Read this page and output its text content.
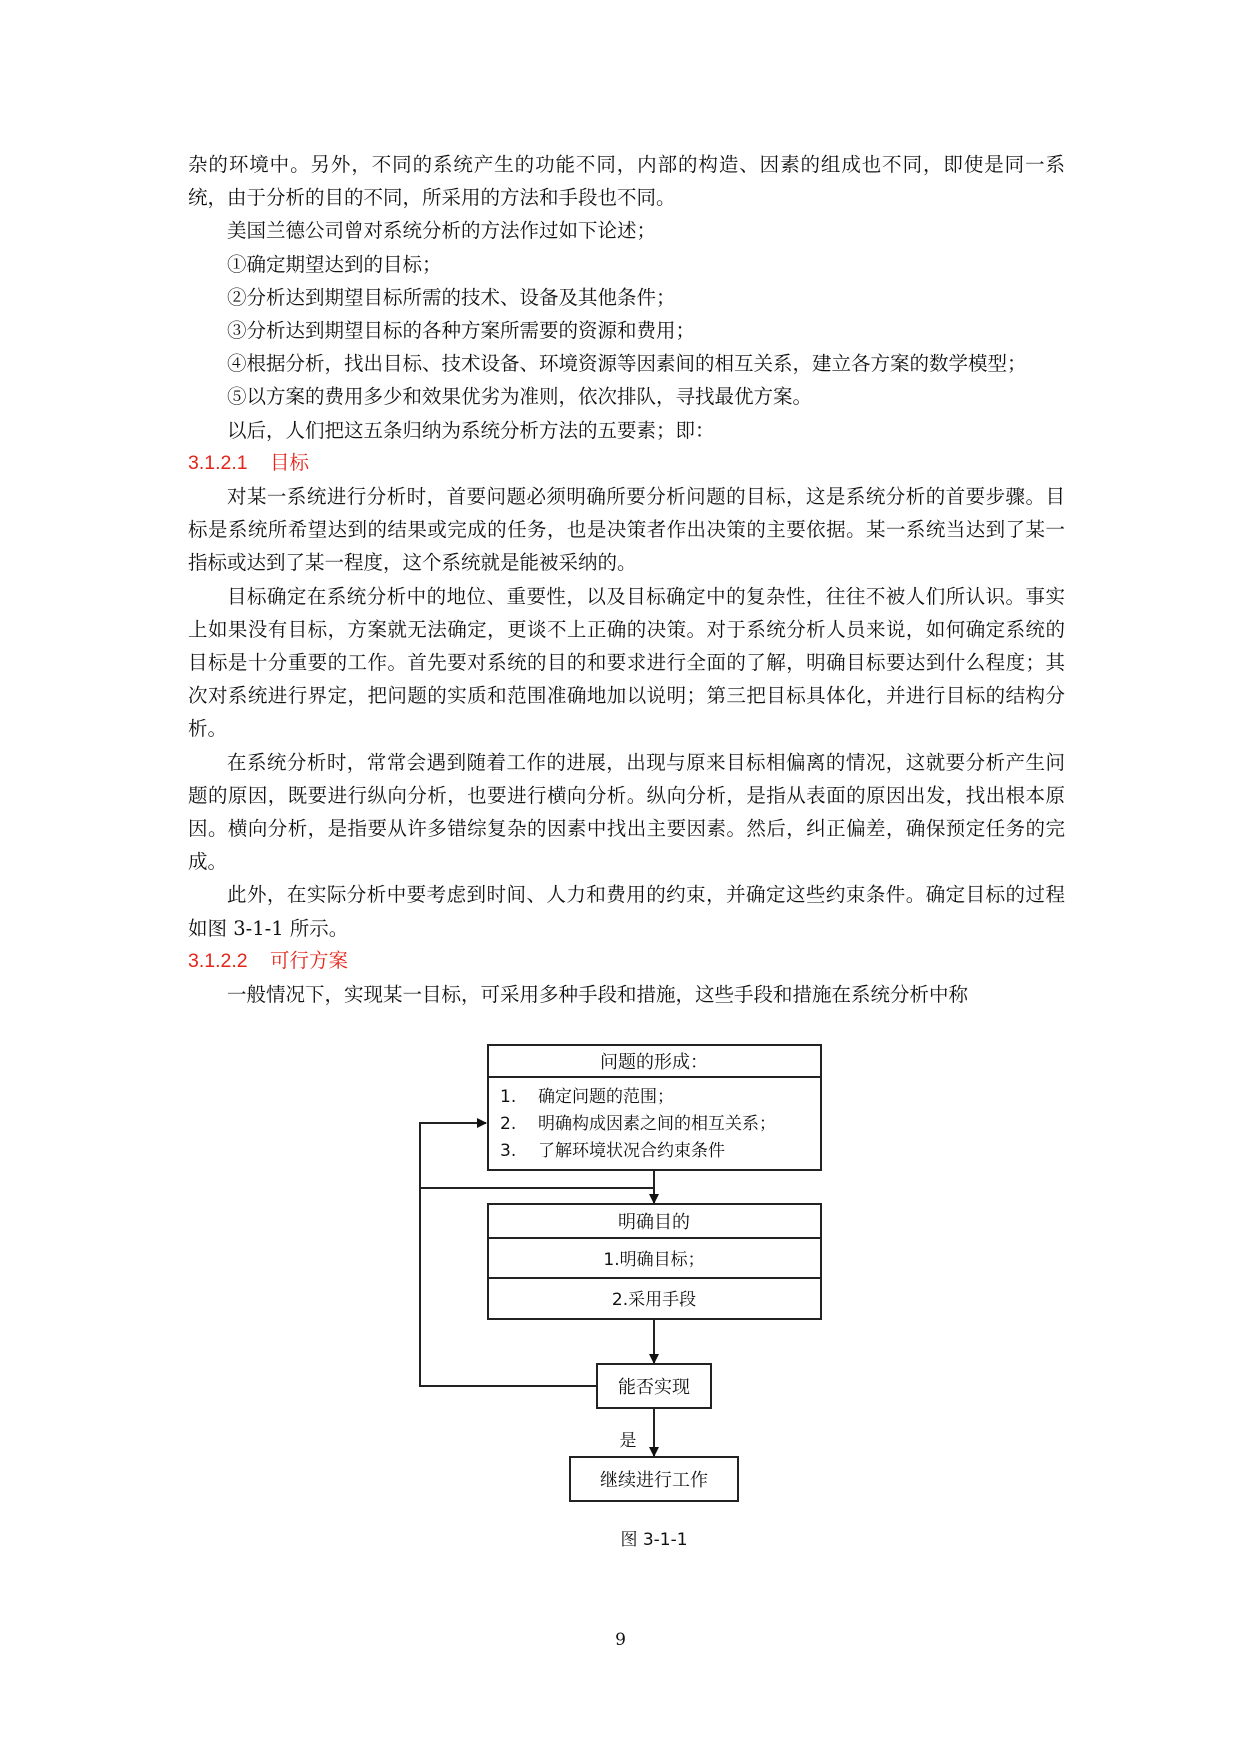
杂的环境中。另外，不同的系统产生的功能不同，内部的构造、因素的组成也不同，即使是同一系统，由于分析的目的不同，所采用的方法和手段也不同。

美国兰德公司曾对系统分析的方法作过如下论述；

①确定期望达到的目标；

②分析达到期望目标所需的技术、设备及其他条件；

③分析达到期望目标的各种方案所需要的资源和费用；

④根据分析，找出目标、技术设备、环境资源等因素间的相互关系，建立各方案的数学模型；

⑤以方案的费用多少和效果优劣为准则，依次排队，寻找最优方案。

以后，人们把这五条归纳为系统分析方法的五要素；即：

3.1.2.1 目标

对某一系统进行分析时，首要问题必须明确所要分析问题的目标，这是系统分析的首要步骤。目标是系统所希望达到的结果或完成的任务，也是决策者作出决策的主要依据。某一系统当达到了某一指标或达到了某一程度，这个系统就是能被采纳的。

目标确定在系统分析中的地位、重要性，以及目标确定中的复杂性，往往不被人们所认识。事实上如果没有目标，方案就无法确定，更谈不上正确的决策。对于系统分析人员来说，如何确定系统的目标是十分重要的工作。首先要对系统的目的和要求进行全面的了解，明确目标要达到什么程度；其次对系统进行界定，把问题的实质和范围准确地加以说明；第三把目标具体化，并进行目标的结构分析。

在系统分析时，常常会遇到随着工作的进展，出现与原来目标相偏离的情况，这就要分析产生问题的原因，既要进行纵向分析，也要进行横向分析。纵向分析，是指从表面的原因出发，找出根本原因。横向分析，是指要从许多错综复杂的因素中找出主要因素。然后，纠正偏差，确保预定任务的完成。

此外，在实际分析中要考虑到时间、人力和费用的约束，并确定这些约束条件。确定目标的过程如图 3-1-1 所示。

3.1.2.2 可行方案

一般情况下，实现某一目标，可采用多种手段和措施，这些手段和措施在系统分析中称

问题的形成：
1. 确定问题的范围；
2. 明确构成因素之间的相互关系；
3. 了解环境状况合约束条件
明确目的
1.明确目标；
2.采用手段
能否实现
是
继续进行工作
图 3-1-1
9
